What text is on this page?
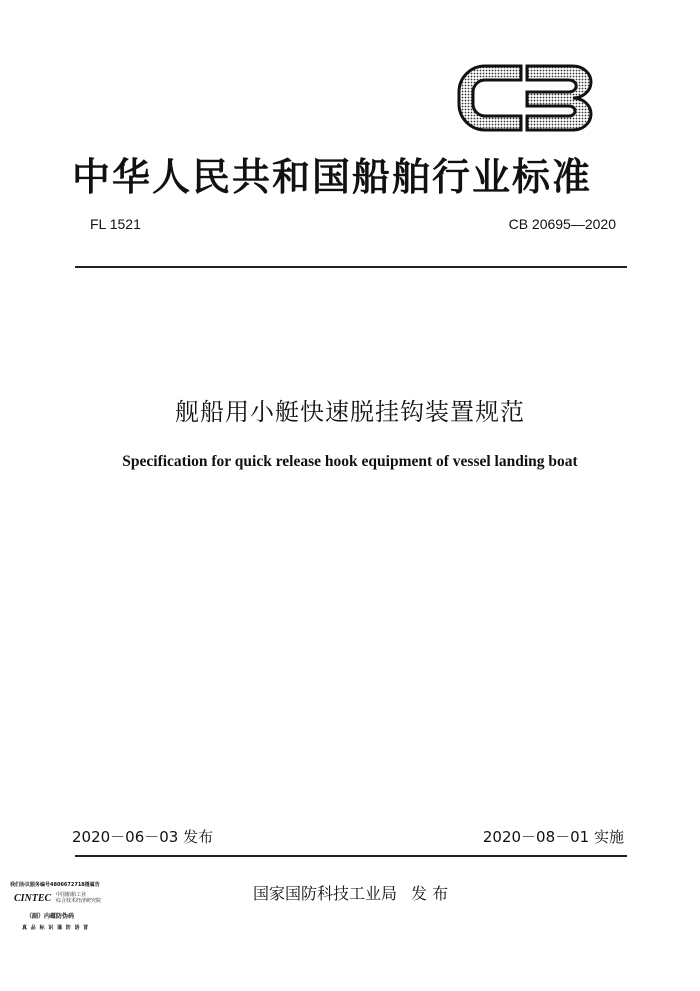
中华人民共和国船舶行业标准
FL 1521	CB 20695—2020
舰船用小艇快速脱挂钩装置规范
Specification for quick release hook equipment of vessel landing boat
2020－06－03 发布	2020－08－01 实施
国家国防科技工业局 发 布
我们协议服务编号4806672718摄属告
CINTEC 中国船舶工业
综合技术经济研究院
（副）内蕴防伪码
真 品 标 识 谨 防 语 冒
